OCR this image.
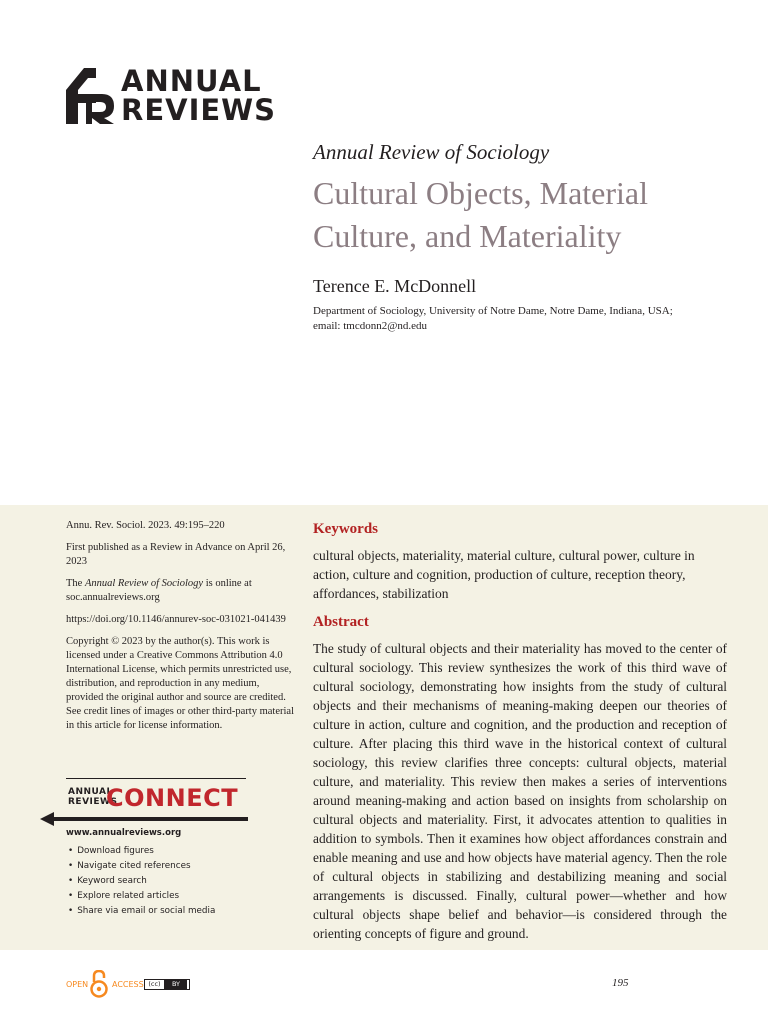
ANNUAL
REVIEWS
Annual Review of Sociology
Cultural Objects, Material Culture, and Materiality
Terence E. McDonnell
Department of Sociology, University of Notre Dame, Notre Dame, Indiana, USA;
email: tmcdonn2@nd.edu

Annu. Rev. Sociol. 2023. 49:195–220

First published as a Review in Advance on April 26, 2023

The Annual Review of Sociology is online at soc.annualreviews.org

https://doi.org/10.1146/annurev-soc-031021-041439

Copyright © 2023 by the author(s). This work is licensed under a Creative Commons Attribution 4.0 International License, which permits unrestricted use, distribution, and reproduction in any medium, provided the original author and source are credited. See credit lines of images or other third-party material in this article for license information.

ANNUAL
REVIEWS
CONNECT
www.annualreviews.org
• Download figures
• Navigate cited references
• Keyword search
• Explore related articles
• Share via email or social media
Keywords
cultural objects, materiality, material culture, cultural power, culture in action, culture and cognition, production of culture, reception theory, affordances, stabilization
Abstract
The study of cultural objects and their materiality has moved to the center of cultural sociology. This review synthesizes the work of this third wave of cultural sociology, demonstrating how insights from the study of cultural objects and their mechanisms of meaning-making deepen our theories of culture in action, culture and cognition, and the production and reception of culture. After placing this third wave in the historical context of cultural sociology, this review clarifies three concepts: cultural objects, material culture, and materiality. This review then makes a series of interventions around meaning-making and action based on insights from scholarship on cultural objects and materiality. First, it advocates attention to qualities in addition to symbols. Then it examines how object affordances constrain and enable meaning and use and how objects have material agency. Then the role of cultural objects in stabilizing and destabilizing meaning and social arrangements is discussed. Finally, cultural power—whether and how cultural objects shape belief and behavior—is considered through the orienting concepts of figure and ground.
OPEN	ACCESS (cc) BY	195
